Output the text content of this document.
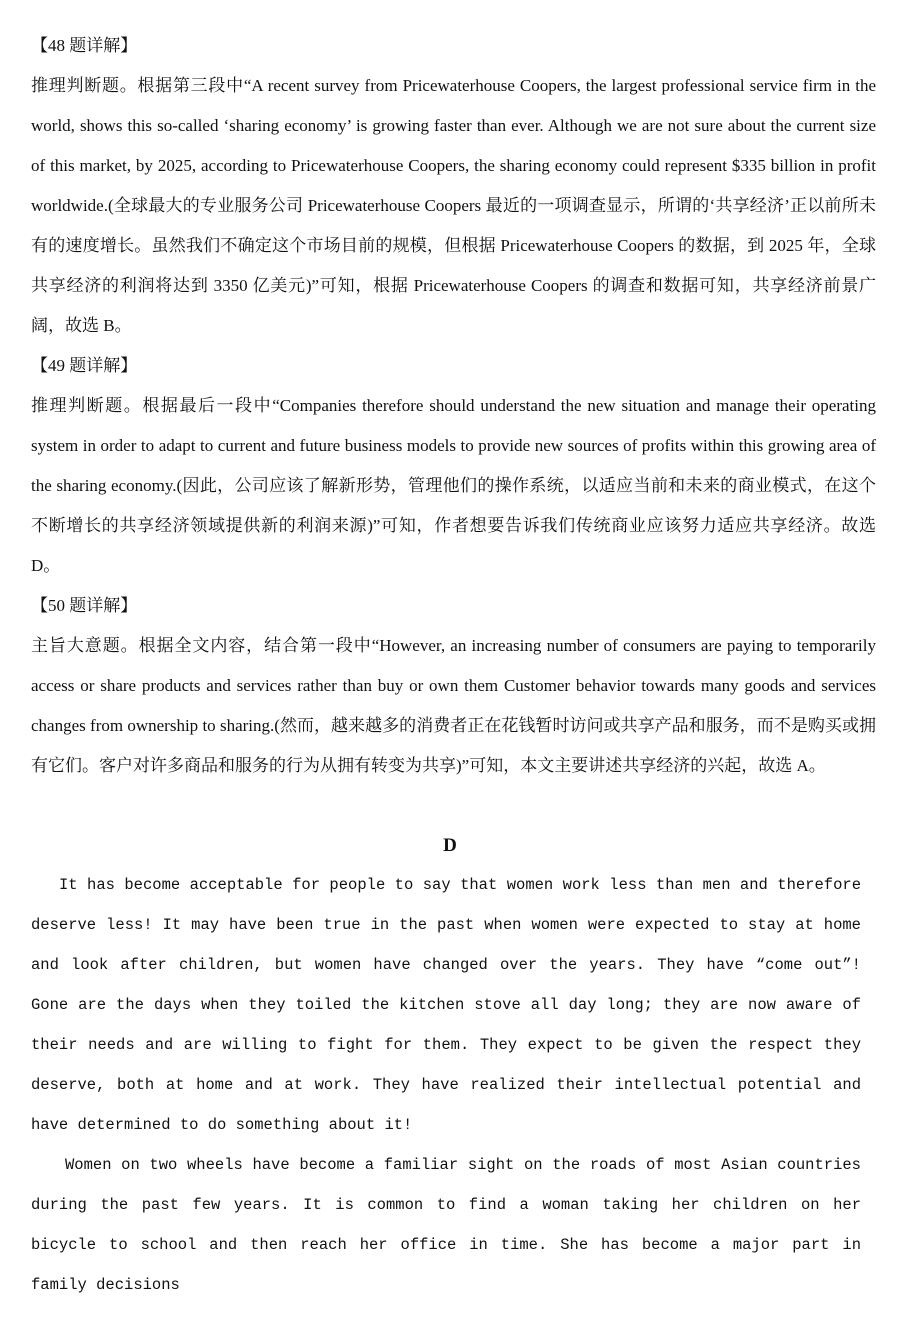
【48 题详解】

推理判断题。根据第三段中“A recent survey from Pricewaterhouse Coopers, the largest professional service firm in the world, shows this so-called ‘sharing economy’ is growing faster than ever. Although we are not sure about the current size of this market, by 2025, according to Pricewaterhouse Coopers, the sharing economy could represent $335 billion in profit worldwide.(全球最大的专业服务公司 Pricewaterhouse Coopers 最近的一项调查显示，所谓的‘共享经济’正以前所未有的速度增长。虽然我们不确定这个市场目前的规模，但根据 Pricewaterhouse Coopers 的数据，到 2025 年，全球共享经济的利润将达到 3350 亿美元)”可知，根据 Pricewaterhouse Coopers 的调查和数据可知，共享经济前景广阔，故选 B。

【49 题详解】

推理判断题。根据最后一段中“Companies therefore should understand the new situation and manage their operating system in order to adapt to current and future business models to provide new sources of profits within this growing area of the sharing economy.(因此，公司应该了解新形势，管理他们的操作系统，以适应当前和未来的商业模式，在这个不断增长的共享经济领域提供新的利润来源)”可知，作者想要告诉我们传统商业应该努力适应共享经济。故选 D。

【50 题详解】

主旨大意题。根据全文内容，结合第一段中“However, an increasing number of consumers are paying to temporarily access or share products and services rather than buy or own them Customer behavior towards many goods and services changes from ownership to sharing.(然而，越来越多的消费者正在花钱暂时访问或共享产品和服务，而不是购买或拥有它们。客户对许多商品和服务的行为从拥有转变为共享)”可知，本文主要讲述共享经济的兴起，故选 A。

D

It has become acceptable for people to say that women work less than men and therefore deserve less! It may have been true in the past when women were expected to stay at home and look after children, but women have changed over the years. They have “come out”! Gone are the days when they toiled the kitchen stove all day long; they are now aware of their needs and are willing to fight for them. They expect to be given the respect they deserve, both at home and at work. They have realized their intellectual potential and have determined to do something about it!

Women on two wheels have become a familiar sight on the roads of most Asian countries during the past few years. It is common to find a woman taking her children on her bicycle to school and then reach her office in time. She has become a major part in family decisions
